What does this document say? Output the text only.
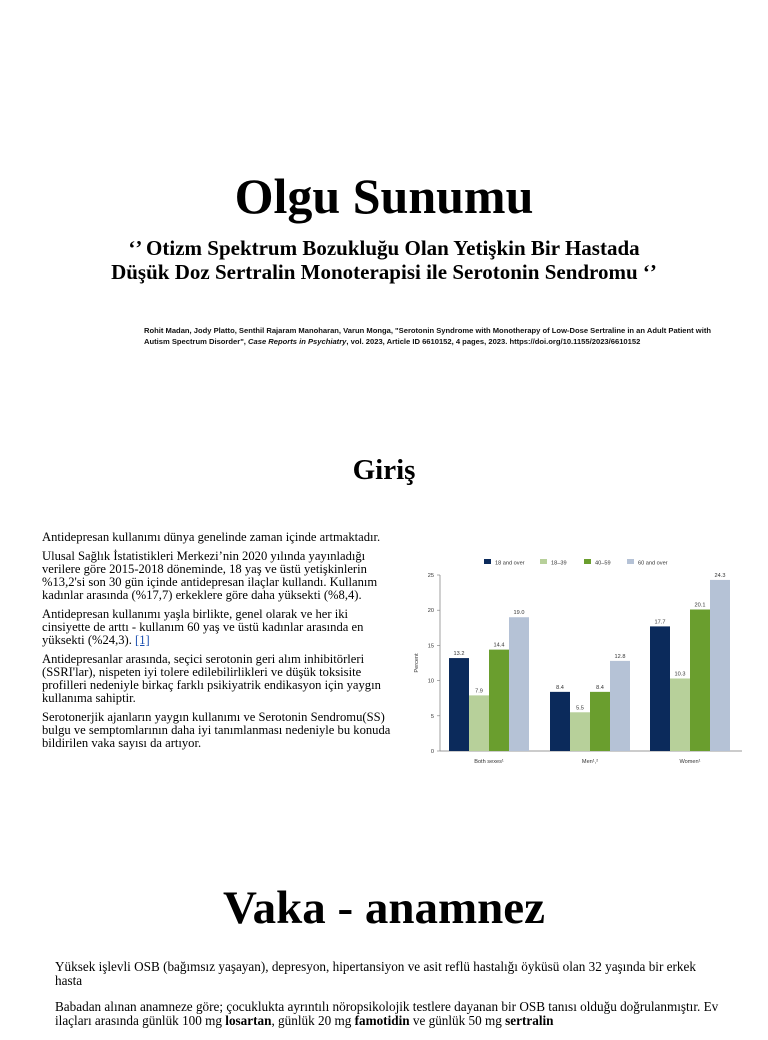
Olgu Sunumu
‘’ Otizm Spektrum Bozukluğu Olan Yetişkin Bir Hastada
Düşük Doz Sertralin Monoterapisi ile Serotonin Sendromu ‘’
Rohit Madan, Jody Platto, Senthil Rajaram Manoharan, Varun Monga, "Serotonin Syndrome with Monotherapy of Low-Dose Sertraline in an Adult Patient with Autism Spectrum Disorder", Case Reports in Psychiatry, vol. 2023, Article ID 6610152, 4 pages, 2023. https://doi.org/10.1155/2023/6610152
Giriş

Antidepresan kullanımı dünya genelinde zaman içinde artmaktadır.

Ulusal Sağlık İstatistikleri Merkezi’nin 2020 yılında yayınladığı verilere göre 2015-2018 döneminde, 18 yaş ve üstü yetişkinlerin %13,2'si son 30 gün içinde antidepresan ilaçlar kullandı. Kullanım kadınlar arasında (%17,7) erkeklere göre daha yüksekti (%8,4).

Antidepresan kullanımı yaşla birlikte, genel olarak ve her iki cinsiyette de arttı - kullanım 60 yaş ve üstü kadınlar arasında en yüksekti (%24,3). [1]

Antidepresanlar arasında, seçici serotonin geri alım inhibitörleri (SSRI'lar), nispeten iyi tolere edilebilirlikleri ve düşük toksisite profilleri nedeniyle birkaç farklı psikiyatrik endikasyon için yaygın kullanıma sahiptir.

Serotonerjik ajanların yaygın kullanımı ve Serotonin Sendromu(SS) bulgu ve semptomlarının daha iyi tanımlanması nedeniyle bu konuda bildirilen vaka sayısı da artıyor.

18 and over	18–39	40–59	60 and over
Percent
0
5
10
15
20
25
13.2
7.9
14.4
19.0
Both sexes¹
8.4
5.5
8.4
12.8
Men¹,²
17.7
10.3
20.1
24.3
Women¹
Vaka - anamnez

Yüksek işlevli OSB (bağımsız yaşayan), depresyon, hipertansiyon ve asit reflü hastalığı öyküsü olan 32 yaşında bir erkek hasta

Babadan alınan anamneze göre; çocuklukta ayrıntılı nöropsikolojik testlere dayanan bir OSB tanısı olduğu doğrulanmıştır. Ev ilaçları arasında günlük 100 mg losartan, günlük 20 mg famotidin ve günlük 50 mg sertralin
